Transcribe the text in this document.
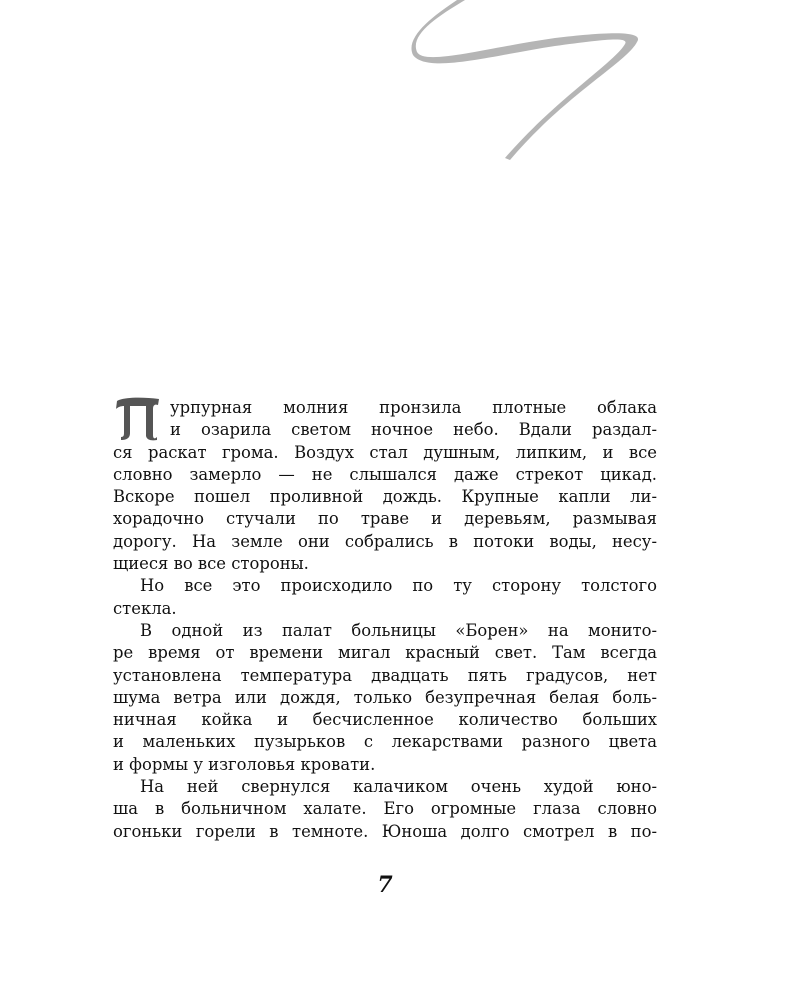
урпурная молния пронзила плотные облака
и озарила светом ночное небо. Вдали раздал-
ся раскат грома. Воздух стал душным, липким, и все
словно замерло — не слышался даже стрекот цикад.
Вскоре пошел проливной дождь. Крупные капли ли-
хорадочно стучали по траве и деревьям, размывая
дорогу. На земле они собрались в потоки воды, несу-
щиеся во все стороны.
Но все это происходило по ту сторону толстого
стекла.
В одной из палат больницы «Борен» на монито-
ре время от времени мигал красный свет. Там всегда
установлена температура двадцать пять градусов, нет
шума ветра или дождя, только безупречная белая боль-
ничная койка и бесчисленное количество больших
и маленьких пузырьков с лекарствами разного цвета
и формы у изголовья кровати.
На ней свернулся калачиком очень худой юно-
ша в больничном халате. Его огромные глаза словно
огоньки горели в темноте. Юноша долго смотрел в по-
7
